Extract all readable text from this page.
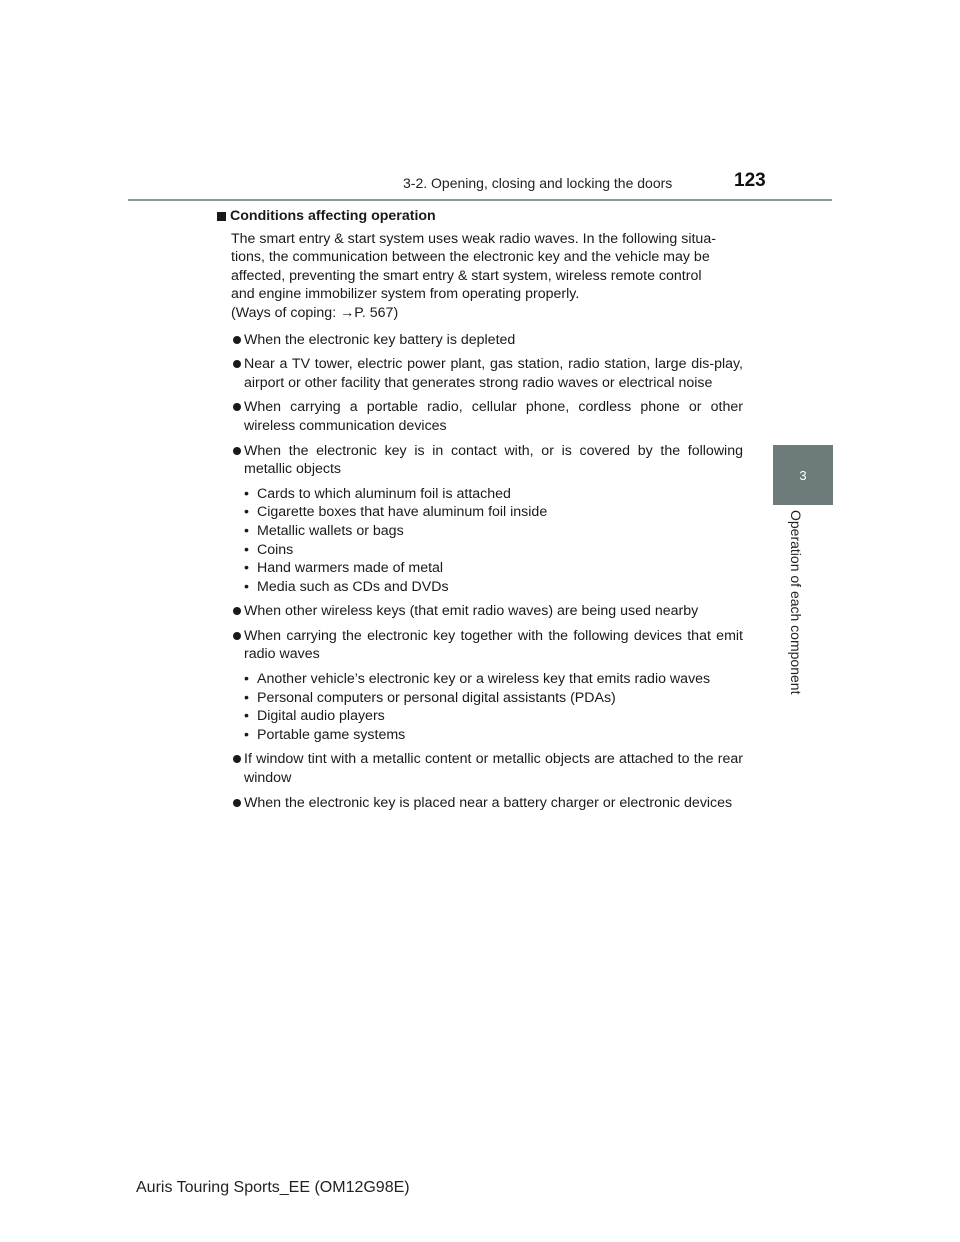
3-2. Opening, closing and locking the doors	123
3
Operation of each component
Conditions affecting operation
The smart entry & start system uses weak radio waves. In the following situa-
tions, the communication between the electronic key and the vehicle may be
affected, preventing the smart entry & start system, wireless remote control
and engine immobilizer system from operating properly.
(Ways of coping: →P. 567)
When the electronic key battery is depleted
Near a TV tower, electric power plant, gas station, radio station, large dis-play, airport or other facility that generates strong radio waves or electrical noise
When carrying a portable radio, cellular phone, cordless phone or other wireless communication devices
When the electronic key is in contact with, or is covered by the following metallic objects
• Cards to which aluminum foil is attached
• Cigarette boxes that have aluminum foil inside
• Metallic wallets or bags
• Coins
• Hand warmers made of metal
• Media such as CDs and DVDs
When other wireless keys (that emit radio waves) are being used nearby
When carrying the electronic key together with the following devices that emit radio waves
• Another vehicle’s electronic key or a wireless key that emits radio waves
• Personal computers or personal digital assistants (PDAs)
• Digital audio players
• Portable game systems
If window tint with a metallic content or metallic objects are attached to the rear window
When the electronic key is placed near a battery charger or electronic devices
Auris Touring Sports_EE (OM12G98E)
